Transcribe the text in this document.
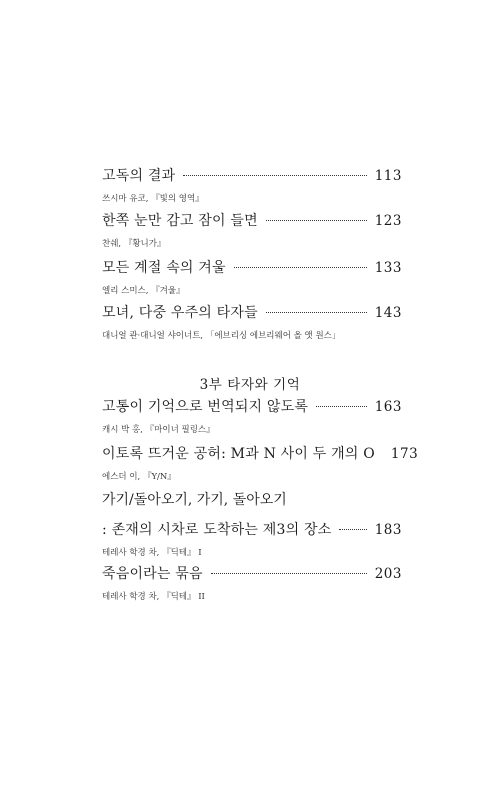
고독의 결과	113
쓰시마 유코, 『빛의 영역』
한쪽 눈만 감고 잠이 들면	123
찬쉐, 『황니가』
모든 계절 속의 겨울	133
엘리 스미스, 『겨울』
모녀, 다중 우주의 타자들	143
대니얼 콴·대니얼 샤이너트, 「에브리싱 에브리웨어 올 앳 원스」
3부 타자와 기억
고통이 기억으로 번역되지 않도록	163
캐시 박 홍, 『마이너 필링스』
이토록 뜨거운 공허: M과 N 사이 두 개의 O 173
에스더 이, 『Y/N』
가기/돌아오기, 가기, 돌아오기
: 존재의 시차로 도착하는 제3의 장소	183
테레사 학경 차, 『딕테』 I
죽음이라는 묶음	203
테레사 학경 차, 『딕테』 II
